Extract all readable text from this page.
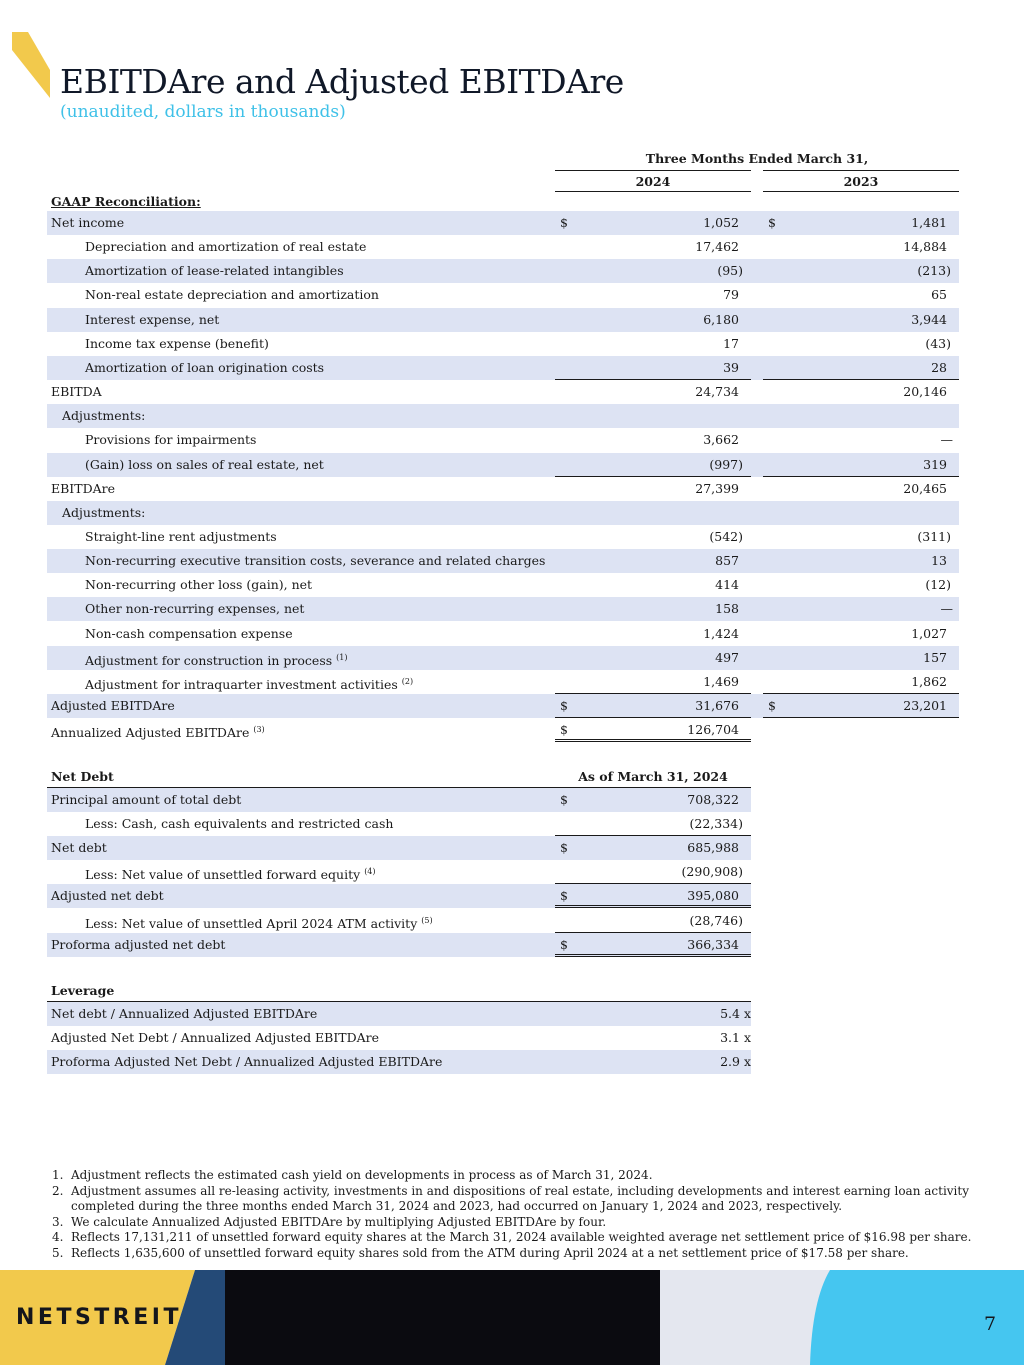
EBITDAre and Adjusted EBITDAre
(unaudited, dollars in thousands)
Three Months Ended March 31,
2024	2023
GAAP Reconciliation:
Net income	$	1,052 $	1,481
Depreciation and amortization of real estate	17,462	14,884
Amortization of lease-related intangibles	(95)	(213)
Non-real estate depreciation and amortization	79	65
Interest expense, net	6,180	3,944
Income tax expense (benefit)	17	(43)
Amortization of loan origination costs	39	28
EBITDA	24,734	20,146
Adjustments:
Provisions for impairments	3,662	—
(Gain) loss on sales of real estate, net	(997)	319
EBITDAre	27,399	20,465
Adjustments:
Straight-line rent adjustments	(542)	(311)
Non-recurring executive transition costs, severance and related charges	857	13
Non-recurring other loss (gain), net	414	(12)
Other non-recurring expenses, net	158	—
Non-cash compensation expense	1,424	1,027
Adjustment for construction in process $^{(1)}$	497	157
Adjustment for intraquarter investment activities $^{(2)}$	1,469	1,862
Adjusted EBITDAre	$	31,676 $	23,201
Annualized Adjusted EBITDAre $^{(3)}$	$	126,704
Net Debt	As of March 31, 2024
Principal amount of total debt	$	708,322
Less: Cash, cash equivalents and restricted cash	(22,334)
Net debt	$	685,988
Less: Net value of unsettled forward equity $^{(4)}$	(290,908)
Adjusted net debt	$	395,080
Less: Net value of unsettled April 2024 ATM activity $^{(5)}$	(28,746)
Proforma adjusted net debt	$	366,334
Leverage
Net debt / Annualized Adjusted EBITDAre	5.4 x
Adjusted Net Debt / Annualized Adjusted EBITDAre	3.1 x
Proforma Adjusted Net Debt / Annualized Adjusted EBITDAre	2.9 x
1. Adjustment reflects the estimated cash yield on developments in process as of March 31, 2024.
2. Adjustment assumes all re-leasing activity, investments in and dispositions of real estate, including developments and interest earning loan activity completed during the three months ended March 31, 2024 and 2023, had occurred on January 1, 2024 and 2023, respectively.
3. We calculate Annualized Adjusted EBITDAre by multiplying Adjusted EBITDAre by four.
4. Reflects 17,131,211 of unsettled forward equity shares at the March 31, 2024 available weighted average net settlement price of $16.98 per share.
5. Reflects 1,635,600 of unsettled forward equity shares sold from the ATM during April 2024 at a net settlement price of $17.58 per share.
NETSTREIT	7
